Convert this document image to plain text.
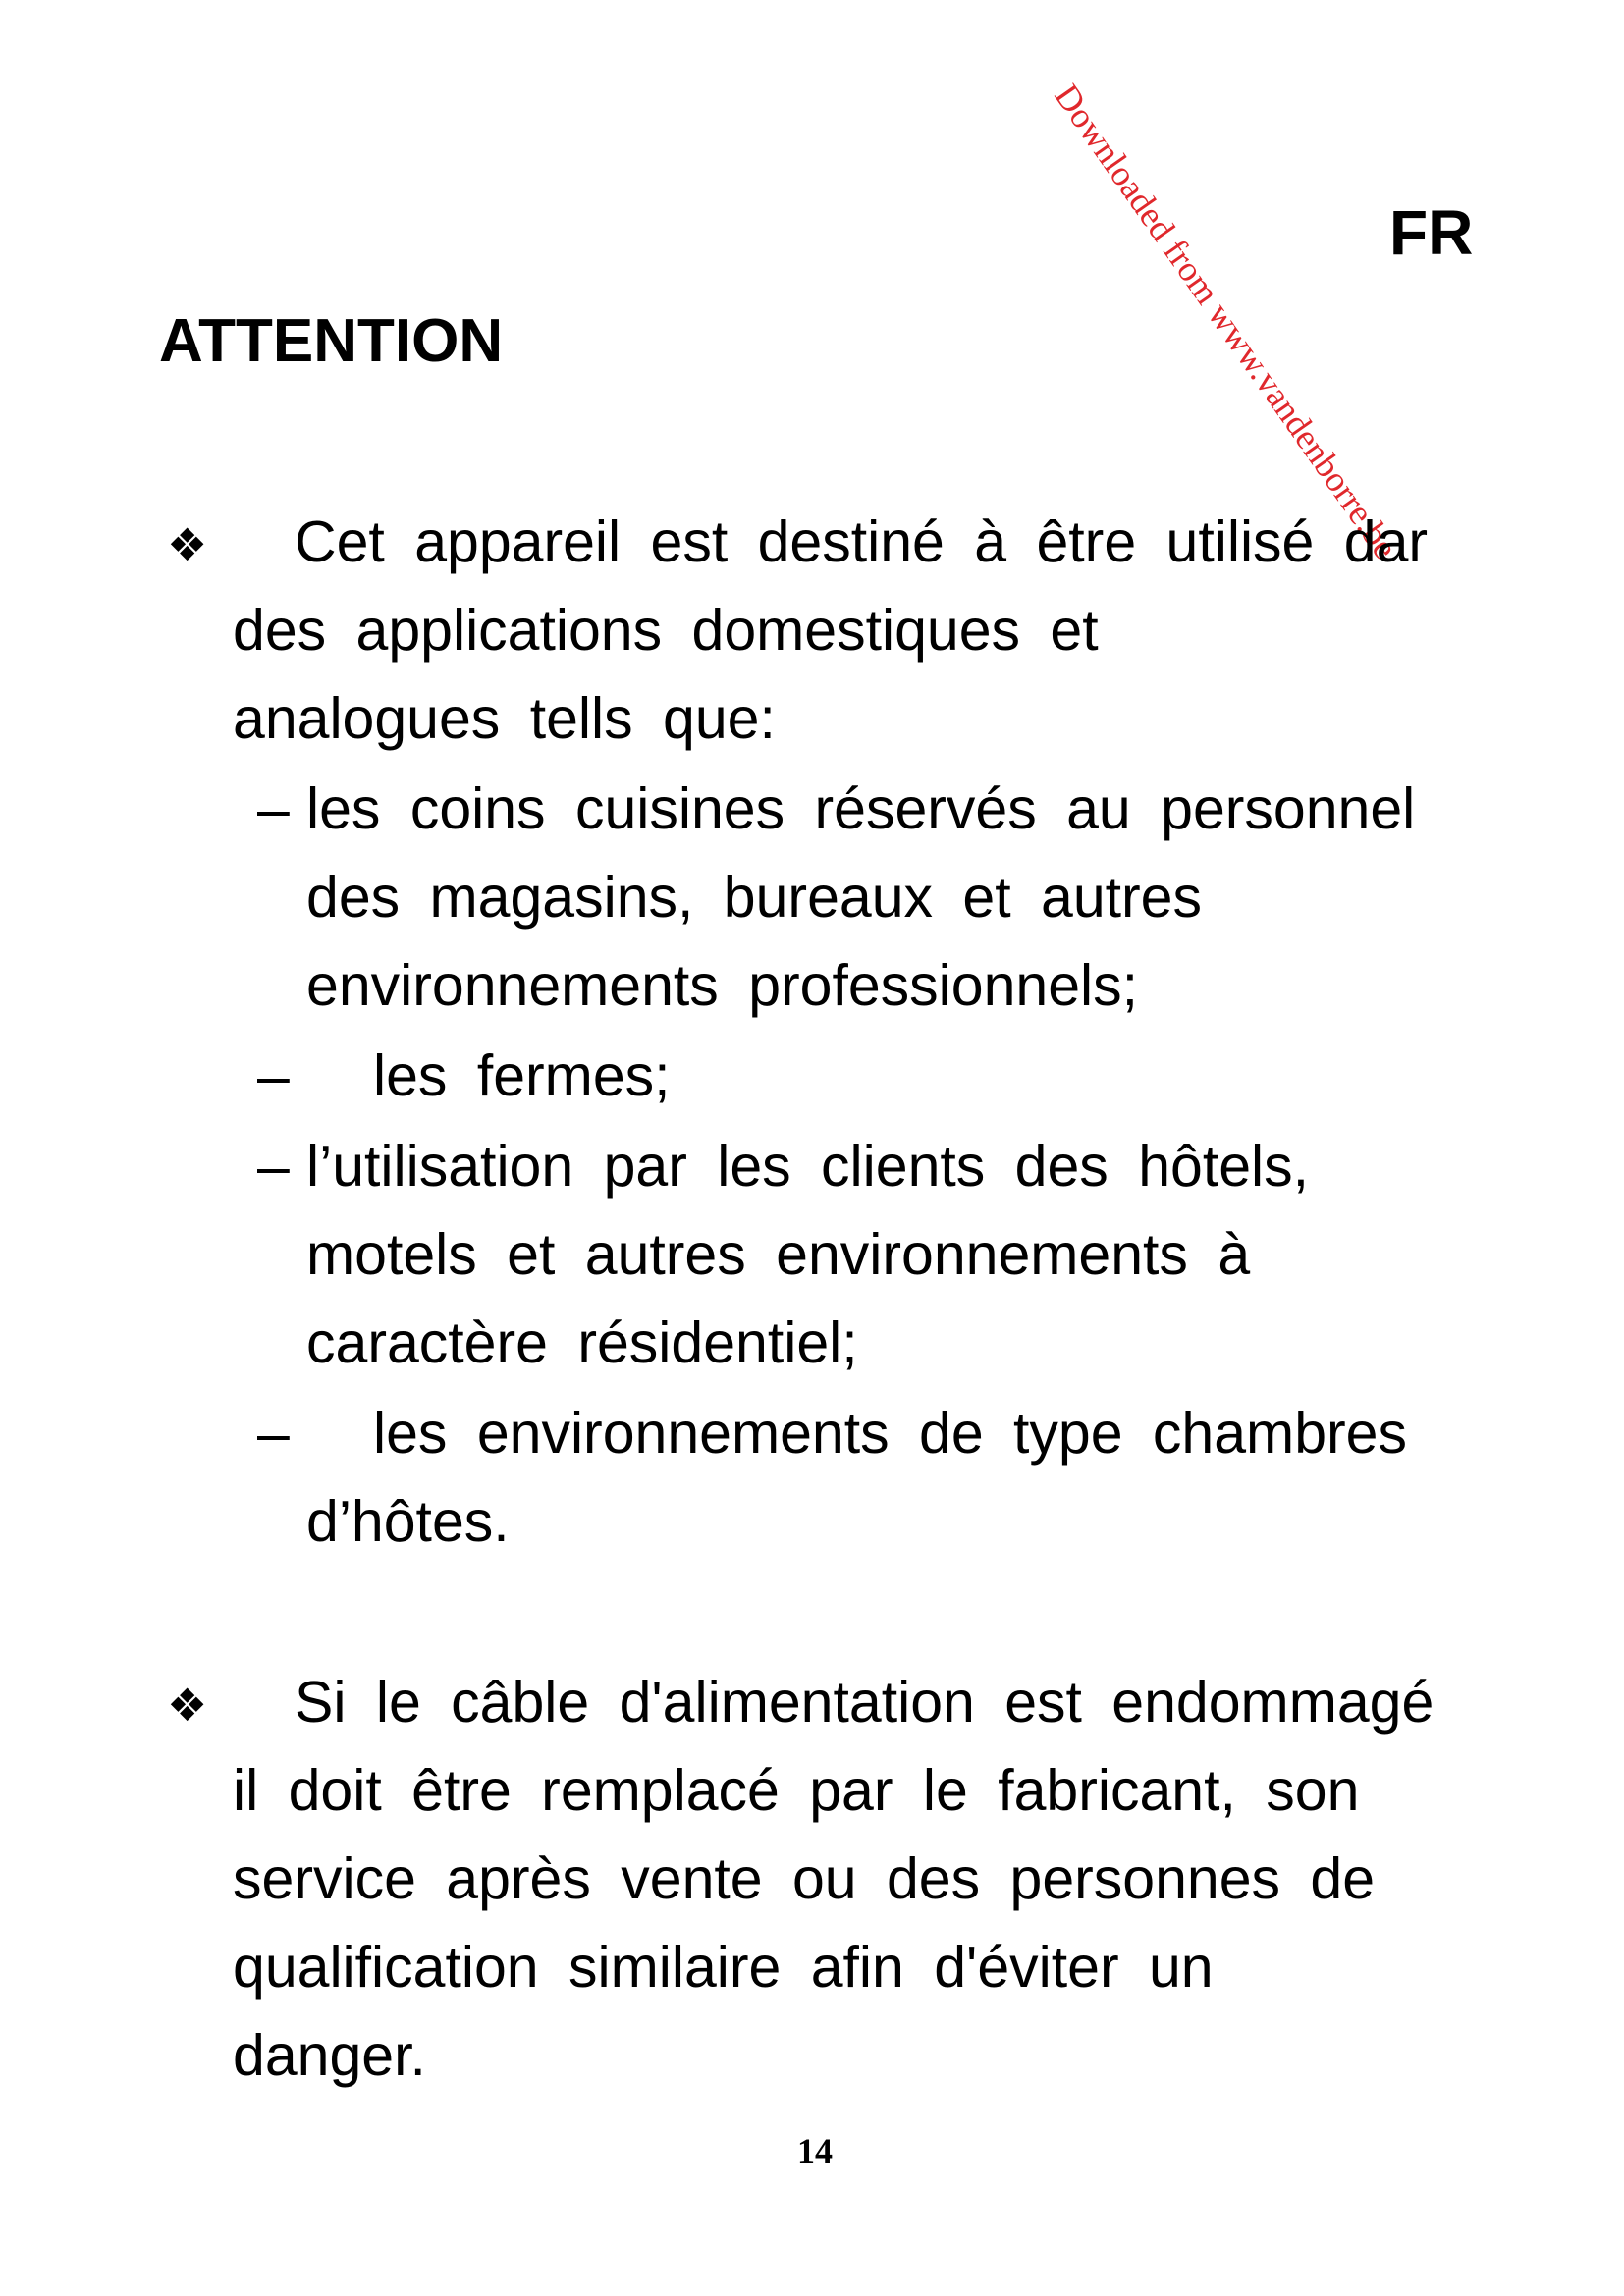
Downloaded from www.vandenborre.be
FR
ATTENTION
❖ Cet appareil est destiné à être utilisé dar
des applications domestiques et
analogues tells que:
– les coins cuisines réservés au personnel
des magasins, bureaux et autres
environnements professionnels;
– les fermes;
– l’utilisation par les clients des hôtels,
motels et autres environnements à
caractère résidentiel;
– les environnements de type chambres
d’hôtes.
❖ Si le câble d'alimentation est endommagé
il doit être remplacé par le fabricant, son
service après vente ou des personnes de
qualification similaire afin d'éviter un
danger.
14
